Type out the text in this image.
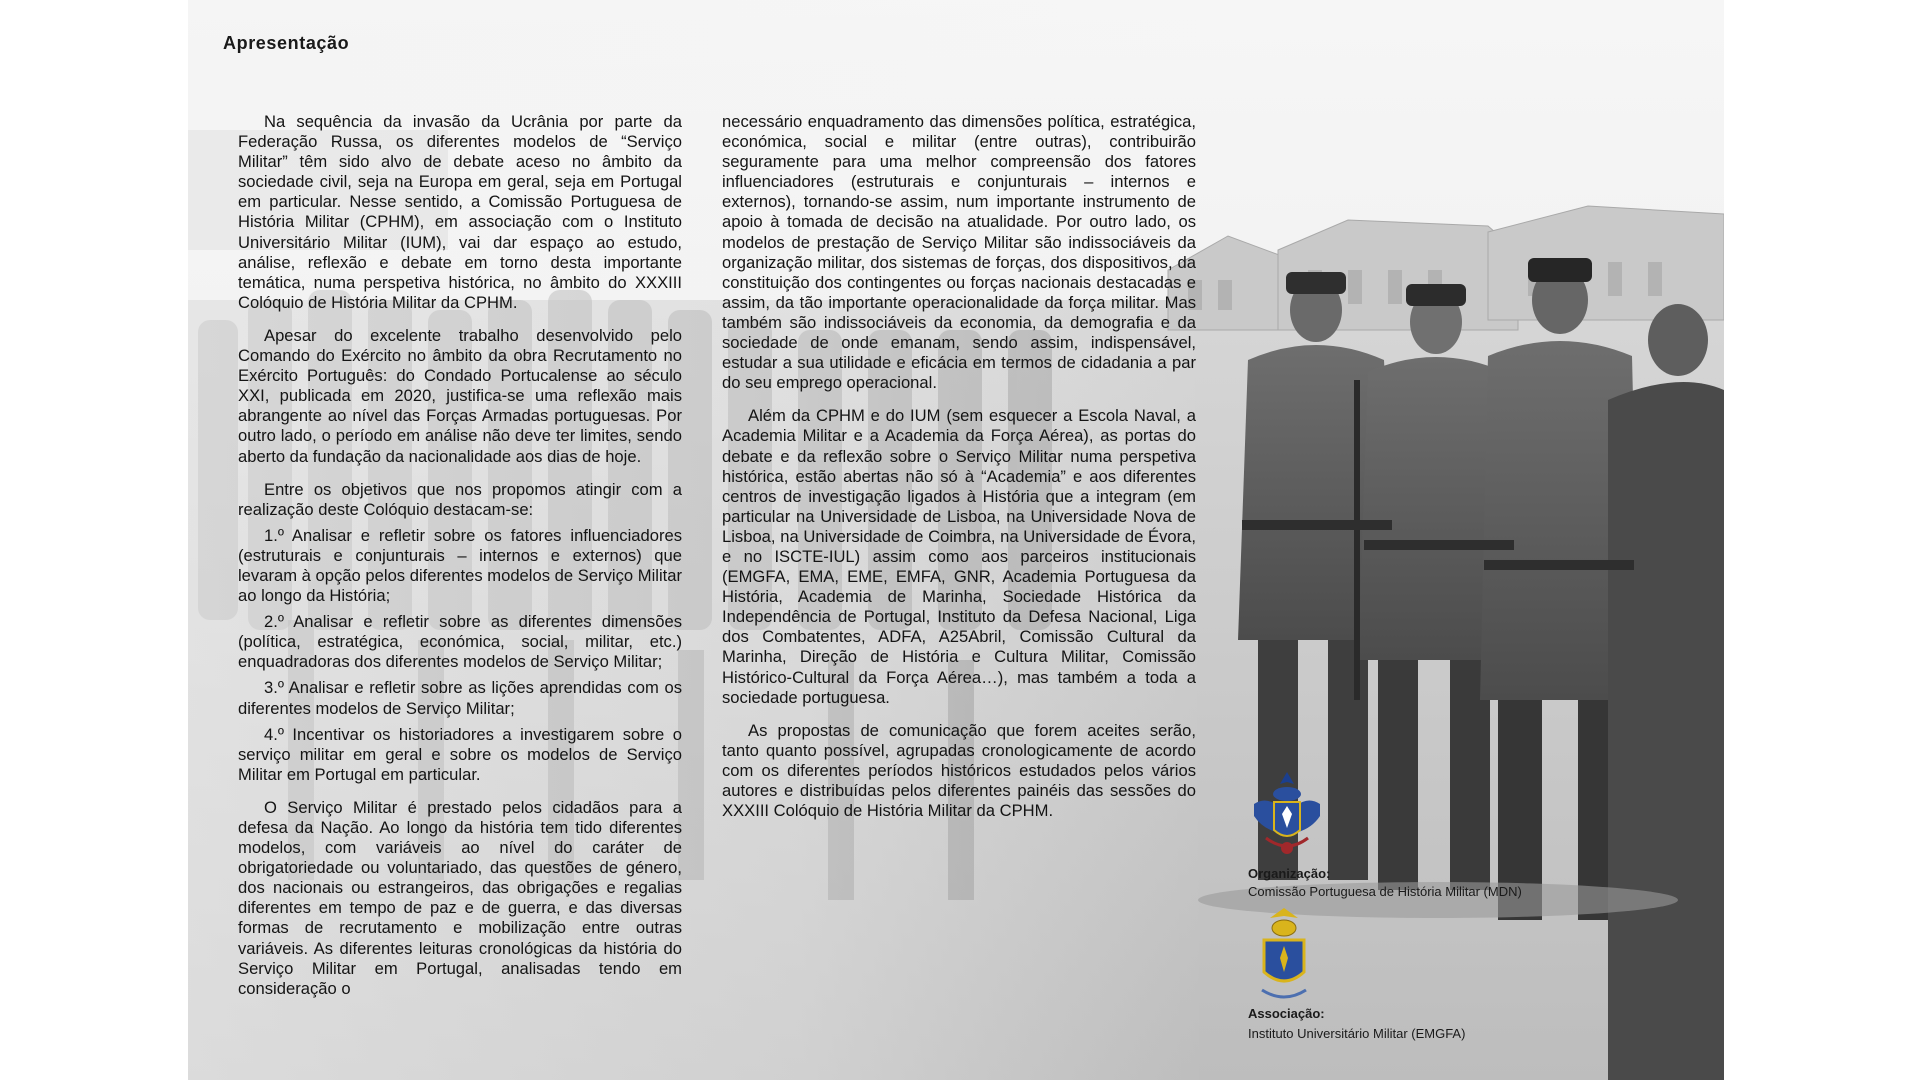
Apresentação

Na sequência da invasão da Ucrânia por parte da Federação Russa, os diferentes modelos de “Serviço Militar” têm sido alvo de debate aceso no âmbito da sociedade civil, seja na Europa em geral, seja em Portugal em particular. Nesse sentido, a Comissão Portuguesa de História Militar (CPHM), em associação com o Instituto Universitário Militar (IUM), vai dar espaço ao estudo, análise, reflexão e debate em torno desta importante temática, numa perspetiva histórica, no âmbito do XXXIII Colóquio de História Militar da CPHM.

Apesar do excelente trabalho desenvolvido pelo Comando do Exército no âmbito da obra Recrutamento no Exército Português: do Condado Portucalense ao século XXI, publicada em 2020, justifica-se uma reflexão mais abrangente ao nível das Forças Armadas portuguesas. Por outro lado, o período em análise não deve ter limites, sendo aberto da fundação da nacionalidade aos dias de hoje.

Entre os objetivos que nos propomos atingir com a realização deste Colóquio destacam-se:

1.º Analisar e refletir sobre os fatores influenciadores (estruturais e conjunturais – internos e externos) que levaram à opção pelos diferentes modelos de Serviço Militar ao longo da História;

2.º Analisar e refletir sobre as diferentes dimensões (política, estratégica, económica, social, militar, etc.) enquadradoras dos diferentes modelos de Serviço Militar;

3.º Analisar e refletir sobre as lições aprendidas com os diferentes modelos de Serviço Militar;

4.º Incentivar os historiadores a investigarem sobre o serviço militar em geral e sobre os modelos de Serviço Militar em Portugal em particular.

O Serviço Militar é prestado pelos cidadãos para a defesa da Nação. Ao longo da história tem tido diferentes modelos, com variáveis ao nível do caráter de obrigatoriedade ou voluntariado, das questões de género, dos nacionais ou estrangeiros, das obrigações e regalias diferentes em tempo de paz e de guerra, e das diversas formas de recrutamento e mobilização entre outras variáveis. As diferentes leituras cronológicas da história do Serviço Militar em Portugal, analisadas tendo em consideração o

necessário enquadramento das dimensões política, estratégica, económica, social e militar (entre outras), contribuirão seguramente para uma melhor compreensão dos fatores influenciadores (estruturais e conjunturais – internos e externos), tornando-se assim, num importante instrumento de apoio à tomada de decisão na atualidade. Por outro lado, os modelos de prestação de Serviço Militar são indissociáveis da organização militar, dos sistemas de forças, dos dispositivos, da constituição dos contingentes ou forças nacionais destacadas e assim, da tão importante operacionalidade da força militar. Mas também são indissociáveis da economia, da demografia e da sociedade de onde emanam, sendo assim, indispensável, estudar a sua utilidade e eficácia em termos de cidadania a par do seu emprego operacional.

Além da CPHM e do IUM (sem esquecer a Escola Naval, a Academia Militar e a Academia da Força Aérea), as portas do debate e da reflexão sobre o Serviço Militar numa perspetiva histórica, estão abertas não só à “Academia” e aos diferentes centros de investigação ligados à História que a integram (em particular na Universidade de Lisboa, na Universidade Nova de Lisboa, na Universidade de Coimbra, na Universidade de Évora, e no ISCTE-IUL) assim como aos parceiros institucionais (EMGFA, EMA, EME, EMFA, GNR, Academia Portuguesa da História, Academia de Marinha, Sociedade Histórica da Independência de Portugal, Instituto da Defesa Nacional, Liga dos Combatentes, ADFA, A25Abril, Comissão Cultural da Marinha, Direção de História e Cultura Militar, Comissão Histórico-Cultural da Força Aérea…), mas também a toda a sociedade portuguesa.

As propostas de comunicação que forem aceites serão, tanto quanto possível, agrupadas cronologicamente de acordo com os diferentes períodos históricos estudados pelos vários autores e distribuídas pelos diferentes painéis das sessões do XXXIII Colóquio de História Militar da CPHM.

Organização:
Comissão Portuguesa de História Militar (MDN)
Associação:
Instituto Universitário Militar (EMGFA)
